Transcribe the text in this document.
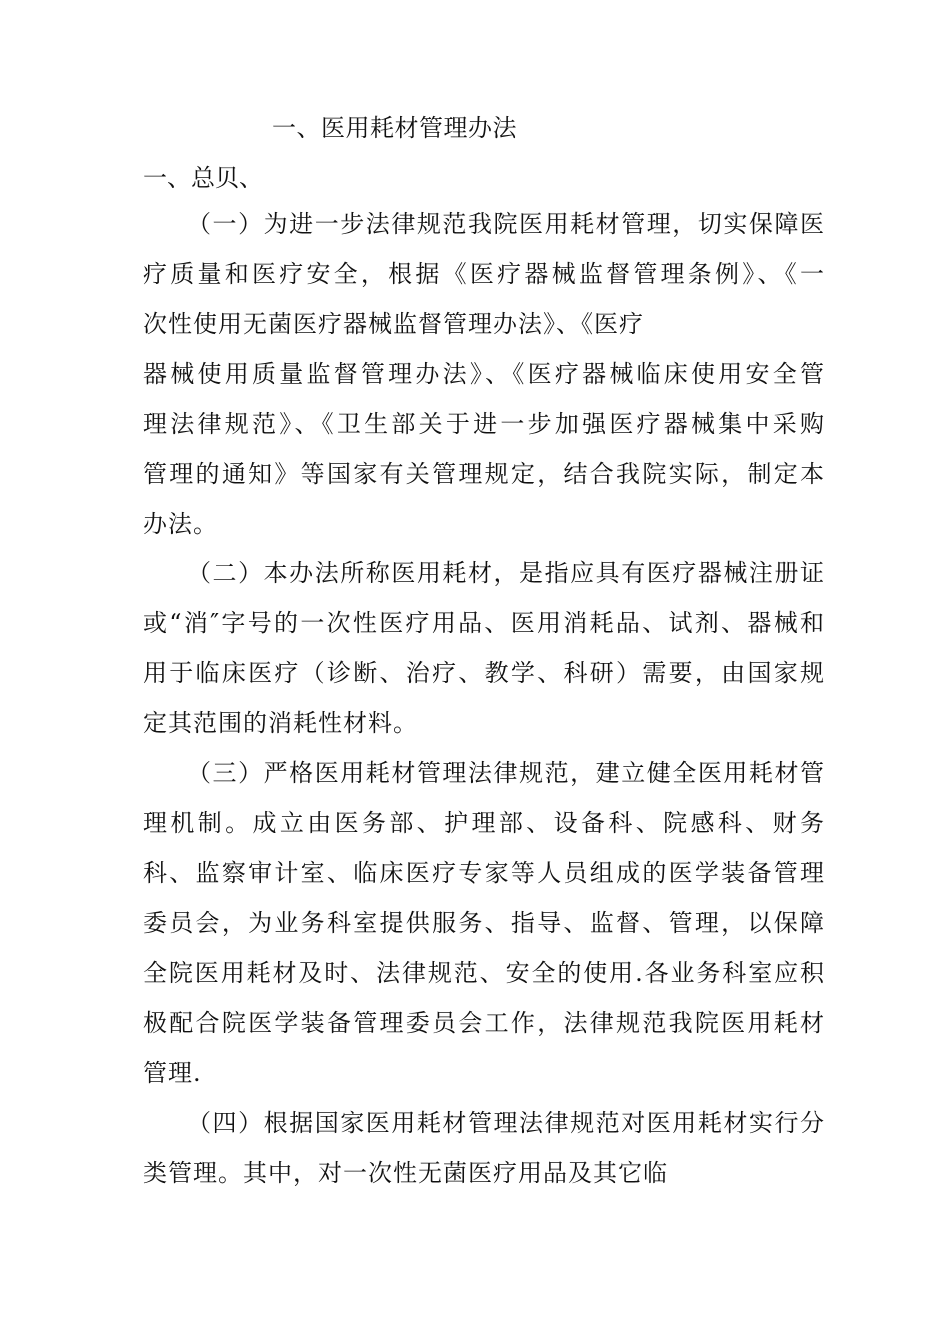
一、医用耗材管理办法
一、总贝、
（一）为进一步法律规范我院医用耗材管理，切实保障医
疗质量和医疗安全，根据《医疗器械监督管理条例》、《一
次性使用无菌医疗器械监督管理办法》、《医疗
器械使用质量监督管理办法》、《医疗器械临床使用安全管
理法律规范》、《卫生部关于进一步加强医疗器械集中采购
管理的通知》等国家有关管理规定，结合我院实际，制定本
办法。
（二）本办法所称医用耗材，是指应具有医疗器械注册证
或“消″字号的一次性医疗用品、医用消耗品、试剂、器械和
用于临床医疗（诊断、治疗、教学、科研）需要，由国家规
定其范围的消耗性材料。
（三）严格医用耗材管理法律规范，建立健全医用耗材管
理机制。成立由医务部、护理部、设备科、院感科、财务
科、监察审计室、临床医疗专家等人员组成的医学装备管理
委员会，为业务科室提供服务、指导、监督、管理，以保障
全院医用耗材及时、法律规范、安全的使用.各业务科室应积
极配合院医学装备管理委员会工作，法律规范我院医用耗材
管理.
（四）根据国家医用耗材管理法律规范对医用耗材实行分
类管理。其中，对一次性无菌医疗用品及其它临
